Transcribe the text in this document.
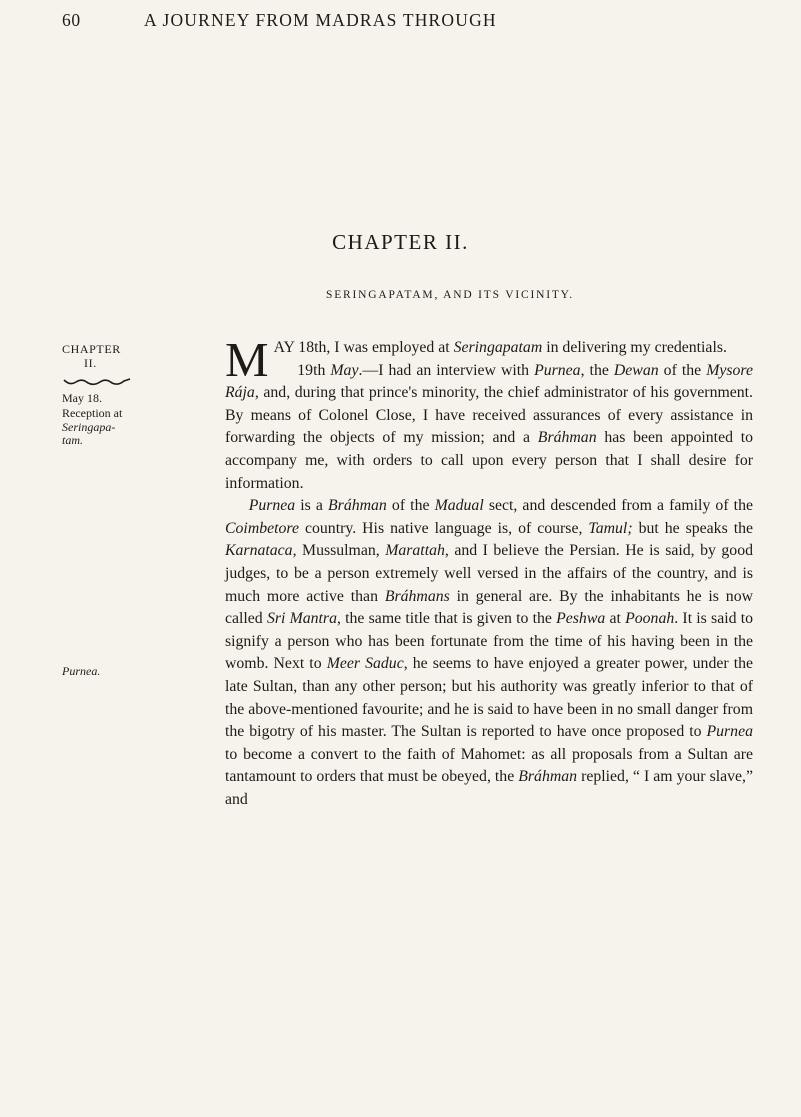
60	A JOURNEY FROM MADRAS THROUGH
CHAPTER II.
SERINGAPATAM, AND ITS VICINITY.
CHAPTER
II.
May 18.
Reception at
Seringapa-
tam.
Purnea.

MAY 18th, I was employed at Seringapatam in delivering my credentials.

19th May.—I had an interview with Purnea, the Dewan of the Mysore Rája, and, during that prince's minority, the chief administrator of his government. By means of Colonel Close, I have received assurances of every assistance in forwarding the objects of my mission; and a Bráhman has been appointed to accompany me, with orders to call upon every person that I shall desire for information.

Purnea is a Bráhman of the Madual sect, and descended from a family of the Coimbetore country. His native language is, of course, Tamul; but he speaks the Karnataca, Mussulman, Marattah, and I believe the Persian. He is said, by good judges, to be a person extremely well versed in the affairs of the country, and is much more active than Bráhmans in general are. By the inhabitants he is now called Sri Mantra, the same title that is given to the Peshwa at Poonah. It is said to signify a person who has been fortunate from the time of his having been in the womb. Next to Meer Saduc, he seems to have enjoyed a greater power, under the late Sultan, than any other person; but his authority was greatly inferior to that of the above-mentioned favourite; and he is said to have been in no small danger from the bigotry of his master. The Sultan is reported to have once proposed to Purnea to become a convert to the faith of Mahomet: as all proposals from a Sultan are tantamount to orders that must be obeyed, the Bráhman replied, “ I am your slave,” and
